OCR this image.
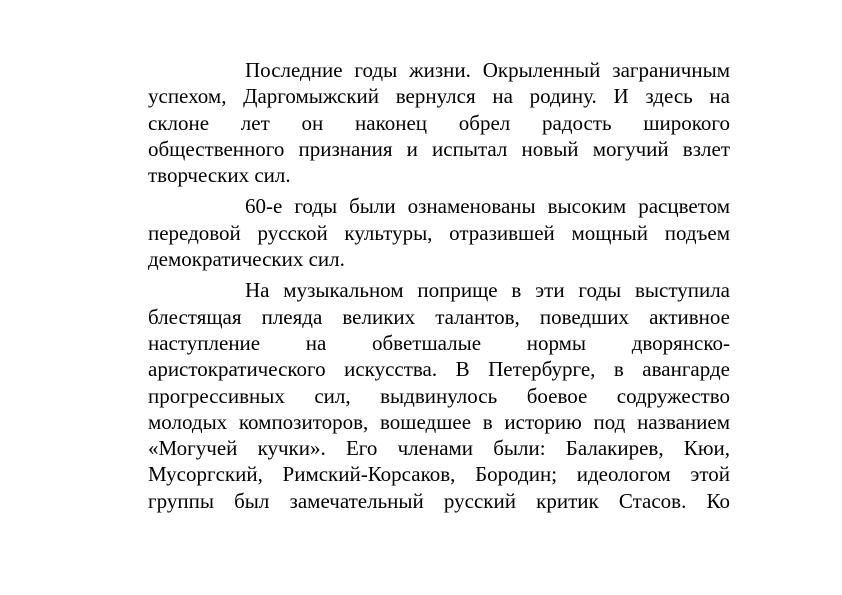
Последние годы жизни. Окрыленный заграничным
успехом, Даргомыжский вернулся на родину. И здесь на
склоне лет он наконец обрел радость широкого
общественного признания и испытал новый могучий взлет
творческих сил.
60-е годы были ознаменованы высоким расцветом
передовой русской культуры, отразившей мощный подъем
демократических сил.
На музыкальном поприще в эти годы выступила
блестящая плеяда великих талантов, поведших активное
наступление на обветшалые нормы дворянско-
аристократического искусства. В Петербурге, в авангарде
прогрессивных сил, выдвинулось боевое содружество
молодых композиторов, вошедшее в историю под названием
«Могучей кучки». Его членами были: Балакирев, Кюи,
Мусоргский, Римский-Корсаков, Бородин; идеологом этой
группы был замечательный русский критик Стасов. Ко
